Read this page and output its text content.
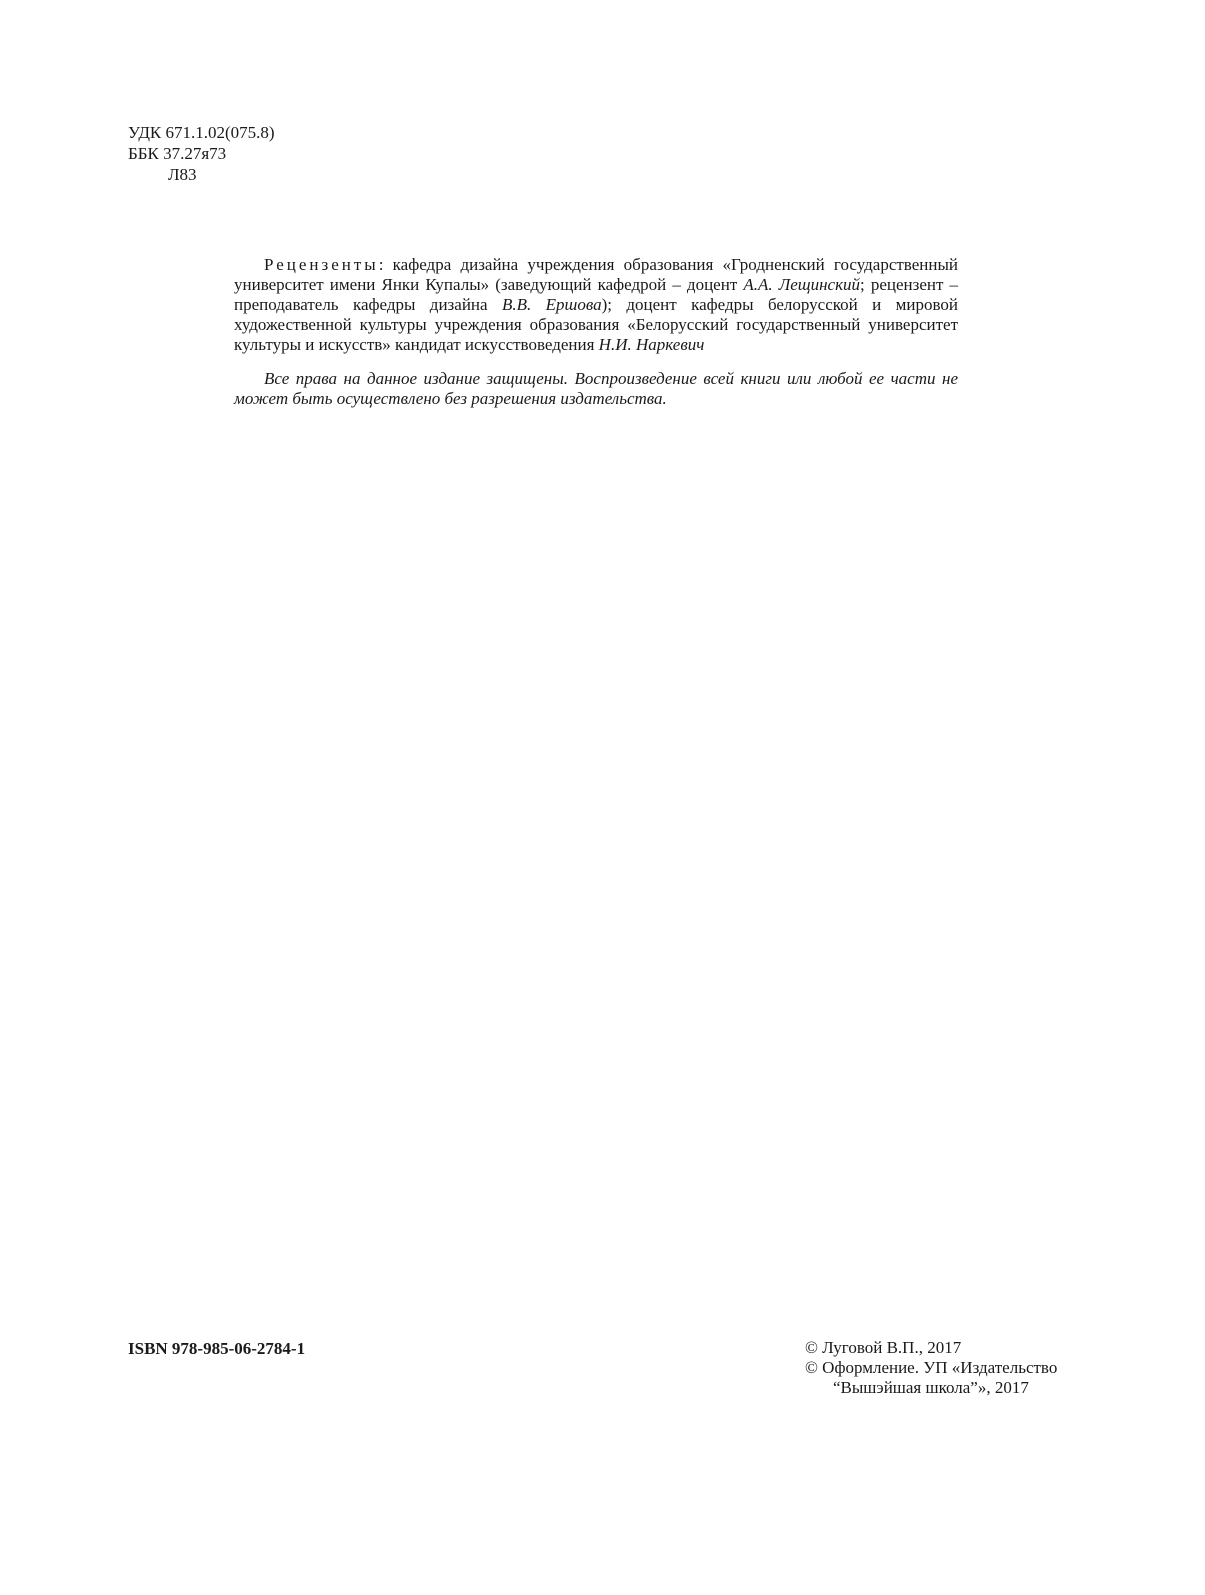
УДК 671.1.02(075.8)
ББК 37.27я73
Л83

Рецензенты: кафедра дизайна учреждения образования «Гродненский государственный университет имени Янки Купалы» (заведующий кафедрой – доцент А.А. Лещинский; рецензент – преподаватель кафедры дизайна В.В. Ершова); доцент кафедры белорусской и мировой художественной культуры учреждения образования «Белорусский государственный университет культуры и искусств» кандидат искусствоведения Н.И. Наркевич

Все права на данное издание защищены. Воспроизведение всей книги или любой ее части не может быть осуществлено без разрешения издательства.

ISBN 978-985-06-2784-1	© Луговой В.П., 2017
© Оформление. УП «Издательство
“Вышэйшая школа”», 2017
